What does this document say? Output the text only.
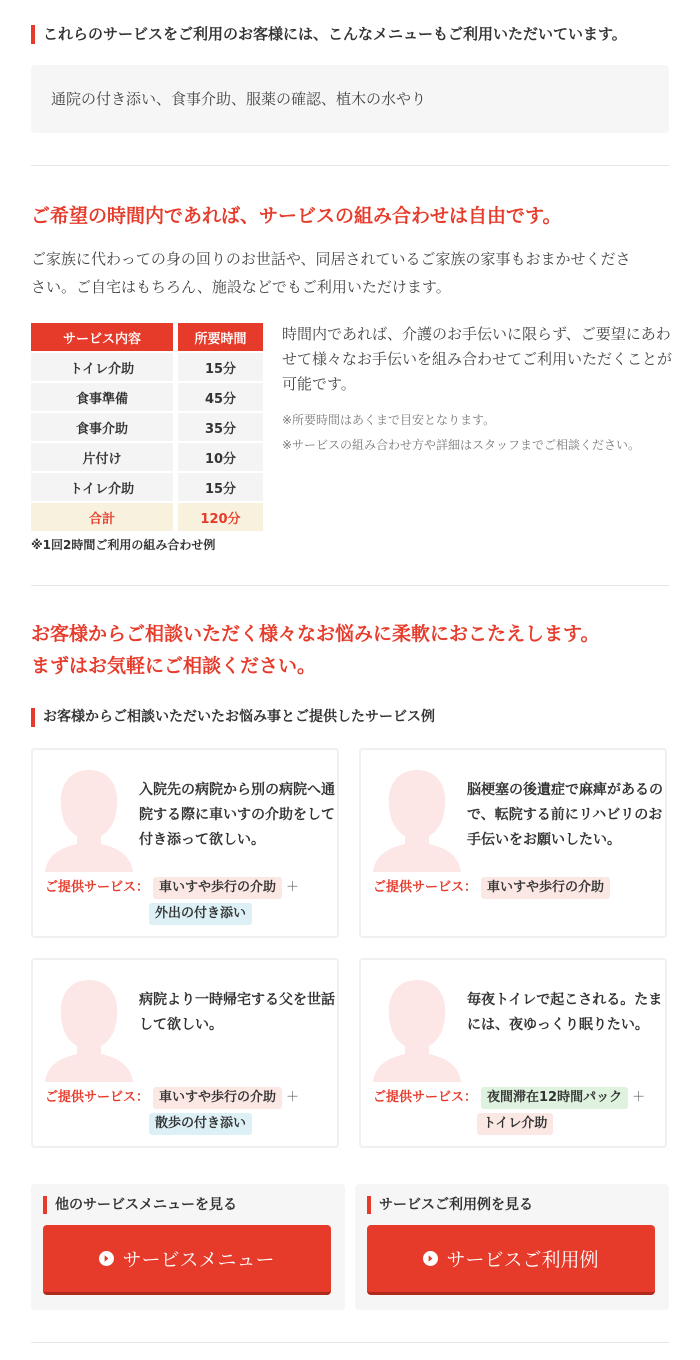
これらのサービスをご利用のお客様には、こんなメニューもご利用いただいています。
通院の付き添い、食事介助、服薬の確認、植木の水やり
ご希望の時間内であれば、サービスの組み合わせは自由です。
ご家族に代わっての身の回りのお世話や、同居されているご家族の家事もおまかせくださ
さい。ご自宅はもちろん、施設などでもご利用いただけます。
サービス内容		所要時間
トイレ介助		15分
食事準備		45分
食事介助		35分
片付け		10分
トイレ介助		15分
合計		120分
※1回2時間ご利用の組み合わせ例
時間内であれば、介護のお手伝いに限らず、ご要望にあわせて様々なお手伝いを組み合わせてご利用いただくことが可能です。
※所要時間はあくまで目安となります。
※サービスの組み合わせ方や詳細はスタッフまでご相談ください。
お客様からご相談いただく様々なお悩みに柔軟におこたえします。
まずはお気軽にご相談ください。
お客様からご相談いただいたお悩み事とご提供したサービス例
入院先の病院から別の病院へ通院する際に車いすの介助をして付き添って欲しい。
ご提供サービス： 車いすや歩行の介助 ＋
外出の付き添い
脳梗塞の後遺症で麻痺があるので、転院する前にリハビリのお手伝いをお願いしたい。
ご提供サービス： 車いすや歩行の介助
病院より一時帰宅する父を世話して欲しい。
ご提供サービス： 車いすや歩行の介助 ＋
散歩の付き添い
毎夜トイレで起こされる。たまには、夜ゆっくり眠りたい。
ご提供サービス： 夜間滞在12時間パック ＋
トイレ介助
他のサービスメニューを見る
サービスメニュー
サービスご利用例を見る
サービスご利用例
